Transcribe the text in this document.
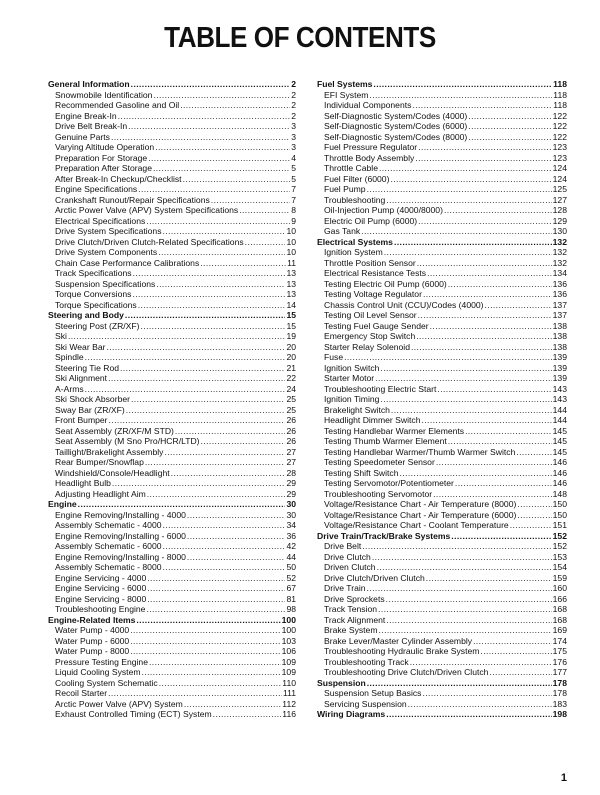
TABLE OF CONTENTS
General Information .....	2
Snowmobile Identification .....	2
Recommended Gasoline and Oil .....	2
Engine Break-In .....	2
Drive Belt Break-In .....	3
Genuine Parts .....	3
Varying Altitude Operation .....	3
Preparation For Storage .....	4
Preparation After Storage .....	5
After Break-In Checkup/Checklist .....	5
Engine Specifications .....	7
Crankshaft Runout/Repair Specifications .....	7
Arctic Power Valve (APV) System Specifications .....	8
Electrical Specifications .....	9
Drive System Specifications .....	10
Drive Clutch/Driven Clutch-Related Specifications .....	10
Drive System Components .....	10
Chain Case Performance Calibrations .....	11
Track Specifications .....	13
Suspension Specifications .....	13
Torque Conversions .....	13
Torque Specifications .....	14
Steering and Body .....	15
Steering Post (ZR/XF) .....	15
Ski .....	19
Ski Wear Bar .....	20
Spindle .....	20
Steering Tie Rod .....	21
Ski Alignment .....	22
A-Arms .....	24
Ski Shock Absorber .....	25
Sway Bar (ZR/XF) .....	25
Front Bumper .....	26
Seat Assembly (ZR/XF/M STD) .....	26
Seat Assembly (M Sno Pro/HCR/LTD) .....	26
Taillight/Brakelight Assembly .....	27
Rear Bumper/Snowflap .....	27
Windshield/Console/Headlight .....	28
Headlight Bulb .....	29
Adjusting Headlight Aim .....	29
Engine .....	30
Engine Removing/Installing - 4000 .....	30
Assembly Schematic - 4000 .....	34
Engine Removing/Installing - 6000 .....	36
Assembly Schematic - 6000 .....	42
Engine Removing/Installing - 8000 .....	44
Assembly Schematic - 8000 .....	50
Engine Servicing - 4000 .....	52
Engine Servicing - 6000 .....	67
Engine Servicing - 8000 .....	81
Troubleshooting Engine .....	98
Engine-Related Items .....	100
Water Pump - 4000 .....	100
Water Pump - 6000 .....	103
Water Pump - 8000 .....	106
Pressure Testing Engine .....	109
Liquid Cooling System .....	109
Cooling System Schematic .....	110
Recoil Starter .....	111
Arctic Power Valve (APV) System .....	112
Exhaust Controlled Timing (ECT) System .....	116
Fuel Systems .....	118
EFI System .....	118
Individual Components .....	118
Self-Diagnostic System/Codes (4000) .....	122
Self-Diagnostic System/Codes (6000) .....	122
Self-Diagnostic System/Codes (8000) .....	122
Fuel Pressure Regulator .....	123
Throttle Body Assembly .....	123
Throttle Cable .....	124
Fuel Filter (6000) .....	124
Fuel Pump .....	125
Troubleshooting .....	127
Oil-Injection Pump (4000/8000) .....	128
Electric Oil Pump (6000) .....	129
Gas Tank .....	130
Electrical Systems .....	132
Ignition System .....	132
Throttle Position Sensor .....	132
Electrical Resistance Tests .....	134
Testing Electric Oil Pump (6000) .....	136
Testing Voltage Regulator .....	136
Chassis Control Unit (CCU)/Codes (4000) .....	137
Testing Oil Level Sensor .....	137
Testing Fuel Gauge Sender .....	138
Emergency Stop Switch .....	138
Starter Relay Solenoid .....	138
Fuse .....	139
Ignition Switch .....	139
Starter Motor .....	139
Troubleshooting Electric Start .....	143
Ignition Timing .....	143
Brakelight Switch .....	144
Headlight Dimmer Switch .....	144
Testing Handlebar Warmer Elements .....	145
Testing Thumb Warmer Element .....	145
Testing Handlebar Warmer/Thumb Warmer Switch .....	145
Testing Speedometer Sensor .....	146
Testing Shift Switch .....	146
Testing Servomotor/Potentiometer .....	146
Troubleshooting Servomotor .....	148
Voltage/Resistance Chart - Air Temperature (8000) .....	150
Voltage/Resistance Chart - Air Temperature (6000) .....	150
Voltage/Resistance Chart - Coolant Temperature .....	151
Drive Train/Track/Brake Systems .....	152
Drive Belt .....	152
Drive Clutch .....	153
Driven Clutch .....	154
Drive Clutch/Driven Clutch .....	159
Drive Train .....	160
Drive Sprockets .....	166
Track Tension .....	168
Track Alignment .....	168
Brake System .....	169
Brake Lever/Master Cylinder Assembly .....	174
Troubleshooting Hydraulic Brake System .....	175
Troubleshooting Track .....	176
Troubleshooting Drive Clutch/Driven Clutch .....	177
Suspension .....	178
Suspension Setup Basics .....	178
Servicing Suspension .....	183
Wiring Diagrams .....	198
1
